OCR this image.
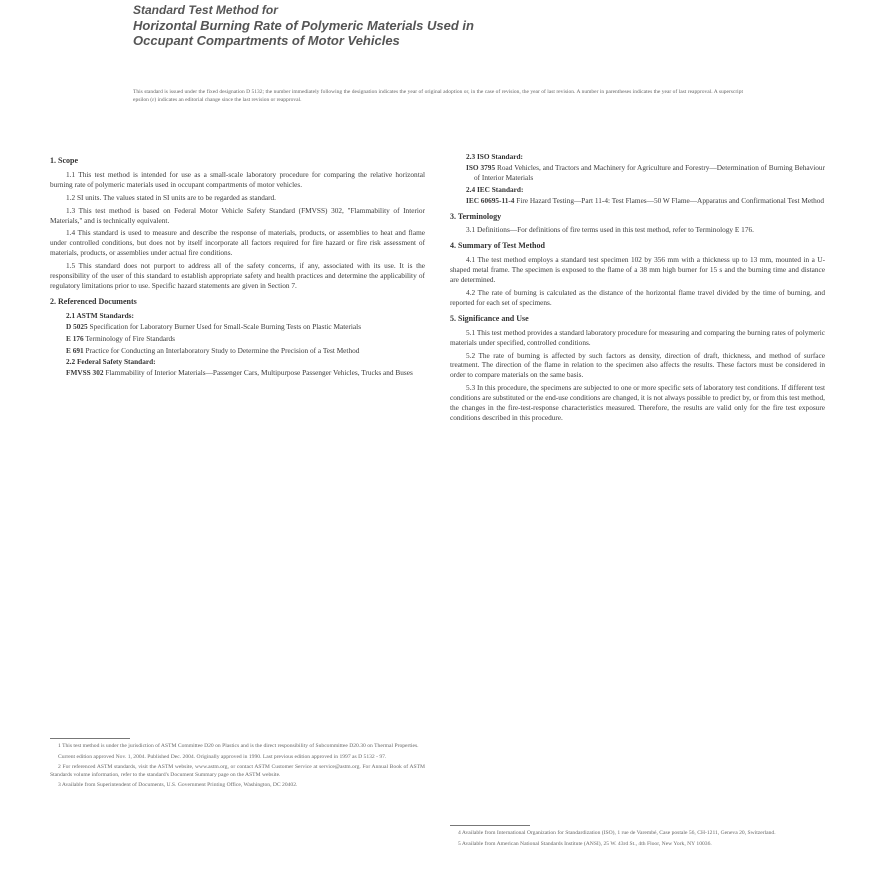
Standard Test Method for
Horizontal Burning Rate of Polymeric Materials Used in
Occupant Compartments of Motor Vehicles
This standard is issued under the fixed designation D 5132; the number immediately following the designation indicates the year of original adoption or, in the case of revision, the year of last revision. A number in parentheses indicates the year of last reapproval. A superscript epsilon (ε) indicates an editorial change since the last revision or reapproval.
1. Scope

1.1 This test method is intended for use as a small-scale laboratory procedure for comparing the relative horizontal burning rate of polymeric materials used in occupant compartments of motor vehicles.

1.2 SI units. The values stated in SI units are to be regarded as standard.

1.3 This test method is based on Federal Motor Vehicle Safety Standard (FMVSS) 302, "Flammability of Interior Materials," and is technically equivalent.

1.4 This standard is used to measure and describe the response of materials, products, or assemblies to heat and flame under controlled conditions, but does not by itself incorporate all factors required for fire hazard or fire risk assessment of materials, products, or assemblies under actual fire conditions.

1.5 This standard does not purport to address all of the safety concerns, if any, associated with its use. It is the responsibility of the user of this standard to establish appropriate safety and health practices and determine the applicability of regulatory limitations prior to use. Specific hazard statements are given in Section 7.

2. Referenced Documents
2.1 ASTM Standards:
D 5025 Specification for Laboratory Burner Used for Small-Scale Burning Tests on Plastic Materials
E 176 Terminology of Fire Standards
E 691 Practice for Conducting an Interlaboratory Study to Determine the Precision of a Test Method
2.2 Federal Safety Standard:
FMVSS 302 Flammability of Interior Materials—Passenger Cars, Multipurpose Passenger Vehicles, Trucks and Buses
2.3 ISO Standard:
ISO 3795 Road Vehicles, and Tractors and Machinery for Agriculture and Forestry—Determination of Burning Behaviour of Interior Materials
2.4 IEC Standard:
IEC 60695-11-4 Fire Hazard Testing—Part 11-4: Test Flames—50 W Flame—Apparatus and Confirmational Test Method
3. Terminology

3.1 Definitions—For definitions of fire terms used in this test method, refer to Terminology E 176.

4. Summary of Test Method

4.1 The test method employs a standard test specimen 102 by 356 mm with a thickness up to 13 mm, mounted in a U-shaped metal frame. The specimen is exposed to the flame of a 38 mm high burner for 15 s and the burning time and distance are determined.

4.2 The rate of burning is calculated as the distance of the horizontal flame travel divided by the time of burning, and reported for each set of specimens.

5. Significance and Use

5.1 This test method provides a standard laboratory procedure for measuring and comparing the burning rates of polymeric materials under specified, controlled conditions.

5.2 The rate of burning is affected by such factors as density, direction of draft, thickness, and method of surface treatment. The direction of the flame in relation to the specimen also affects the results. These factors must be considered in order to compare materials on the same basis.

5.3 In this procedure, the specimens are subjected to one or more specific sets of laboratory test conditions. If different test conditions are substituted or the end-use conditions are changed, it is not always possible to predict by, or from this test method, the changes in the fire-test-response characteristics measured. Therefore, the results are valid only for the fire test exposure conditions described in this procedure.

1 This test method is under the jurisdiction of ASTM Committee D20 on Plastics and is the direct responsibility of Subcommittee D20.30 on Thermal Properties.

Current edition approved Nov. 1, 2004. Published Dec. 2004. Originally approved in 1990. Last previous edition approved in 1997 as D 5132 - 97.

2 For referenced ASTM standards, visit the ASTM website, www.astm.org, or contact ASTM Customer Service at service@astm.org. For Annual Book of ASTM Standards volume information, refer to the standard's Document Summary page on the ASTM website.

3 Available from Superintendent of Documents, U.S. Government Printing Office, Washington, DC 20402.

4 Available from International Organization for Standardization (ISO), 1 rue de Varembé, Case postale 56, CH-1211, Geneva 20, Switzerland.

5 Available from American National Standards Institute (ANSI), 25 W. 43rd St., 4th Floor, New York, NY 10036.
